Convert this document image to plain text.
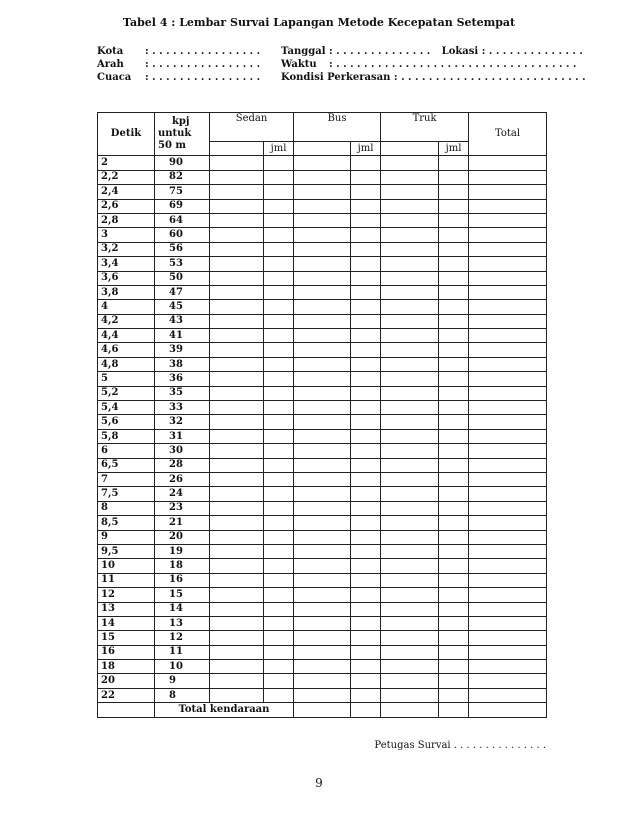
Tabel 4 : Lembar Survai Lapangan Metode Kecepatan Setempat
Kota : . . . . . . . . . . . . . . . .
Arah : . . . . . . . . . . . . . . . .
Cuaca : . . . . . . . . . . . . . . . .
Tanggal : . . . . . . . . . . . . . . Lokasi : . . . . . . . . . . . . . .
Waktu : . . . . . . . . . . . . . . . . . . . . . . . . . . . . . . . . . . .
Kondisi Perkerasan : . . . . . . . . . . . . . . . . . . . . . . . . . . .
Detik	kpj
untuk
50 m	Sedan		Bus		Truk		Total
			jml		jml		jml	
2	90							
2,2	82							
2,4	75							
2,6	69							
2,8	64							
3	60							
3,2	56							
3,4	53							
3,6	50							
3,8	47							
4	45							
4,2	43							
4,4	41							
4,6	39							
4,8	38							
5	36							
5,2	35							
5,4	33							
5,6	32							
5,8	31							
6	30							
6,5	28							
7	26							
7,5	24							
8	23							
8,5	21							
9	20							
9,5	19							
10	18							
11	16							
12	15							
13	14							
14	13							
15	12							
16	11							
18	10							
20	9							
22	8							
	Total kendaraan							
Petugas Survai . . . . . . . . . . . . . . .
9
